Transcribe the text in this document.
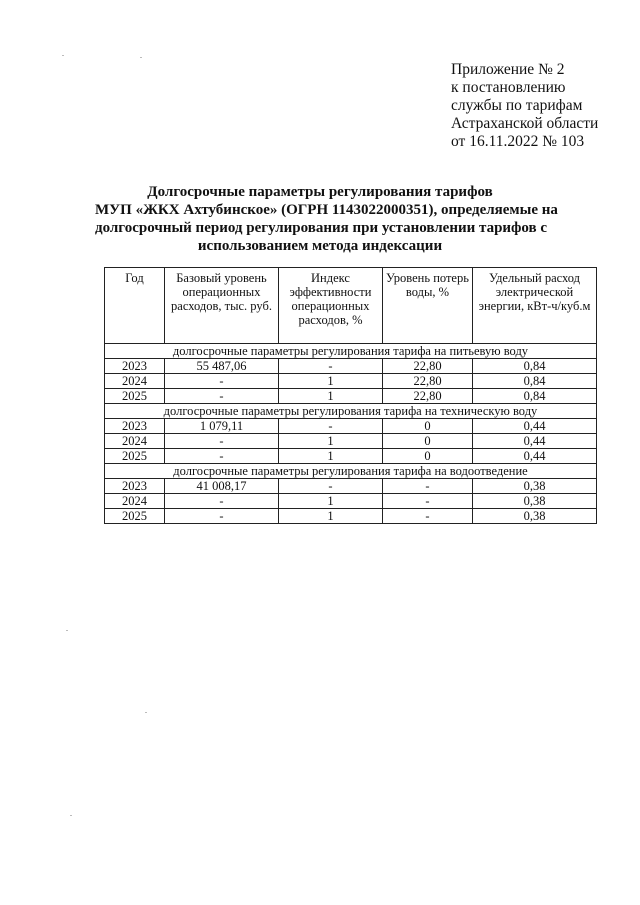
Приложение № 2
к постановлению
службы по тарифам
Астраханской области
от 16.11.2022 № 103
Долгосрочные параметры регулирования тарифов
МУП «ЖКХ Ахтубинское» (ОГРН 1143022000351), определяемые на
долгосрочный период регулирования при установлении тарифов с
использованием метода индексации
Год	Базовый уровень операционных расходов, тыс. руб.	Индекс эффективности операционных расходов, %	Уровень потерь воды, %	Удельный расход электрической энергии, кВт-ч/куб.м
долгосрочные параметры регулирования тарифа на питьевую воду				
2023	55 487,06	-	22,80	0,84
2024	-	1	22,80	0,84
2025	-	1	22,80	0,84
долгосрочные параметры регулирования тарифа на техническую воду				
2023	1 079,11	-	0	0,44
2024	-	1	0	0,44
2025	-	1	0	0,44
долгосрочные параметры регулирования тарифа на водоотведение				
2023	41 008,17	-	-	0,38
2024	-	1	-	0,38
2025	-	1	-	0,38
